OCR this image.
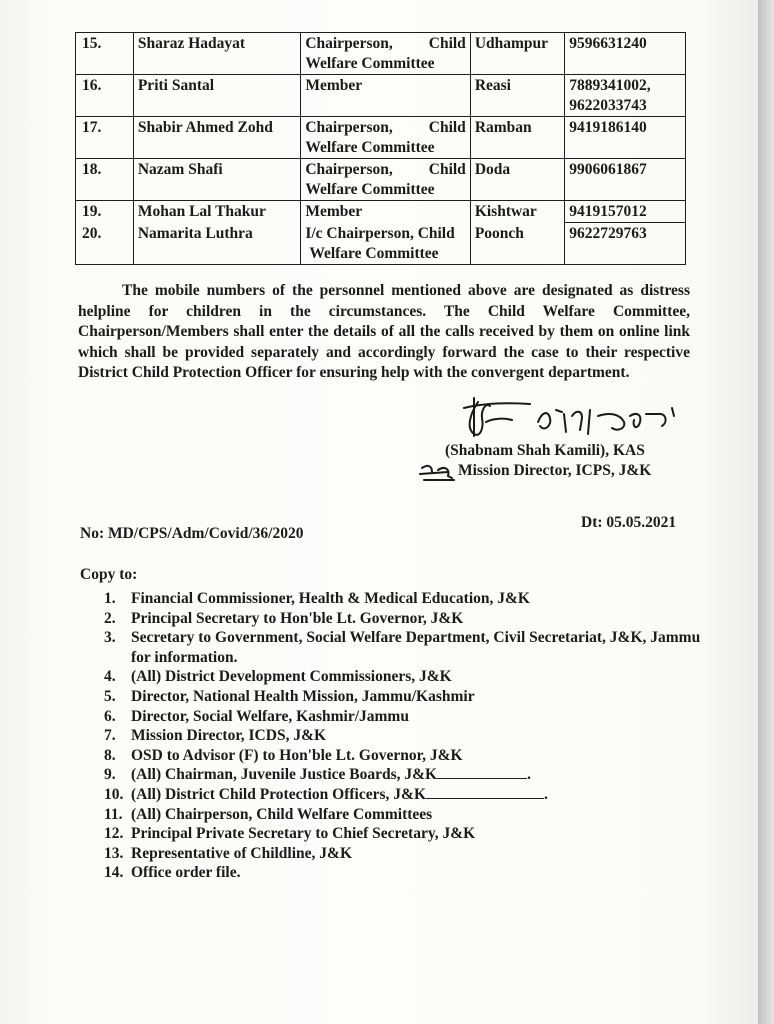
15.	Sharaz Hadayat	Chairperson, Child
Welfare Committee	Udhampur	9596631240
16.	Priti Santal	Member	Reasi	7889341002,
9622033743

17.	Shabir Ahmed Zohd	Chairperson, Child
Welfare Committee	Ramban	9419186140
18.	Nazam Shafi	Chairperson, Child
Welfare Committee	Doda	9906061867
19.	Mohan Lal Thakur	Member	Kishtwar	9419157012
20.	Namarita Luthra	I/c Chairperson, Child
Welfare Committee	Poonch	9622729763

The mobile numbers of the personnel mentioned above are designated as distress helpline for children in the circumstances. The Child Welfare Committee, Chairperson/Members shall enter the details of all the calls received by them on online link which shall be provided separately and accordingly forward the case to their respective District Child Protection Officer for ensuring help with the convergent department.

(Shabnam Shah Kamili), KAS
Mission Director, ICPS, J&K
No: MD/CPS/Adm/Covid/36/2020
Dt: 05.05.2021
Copy to:
1. Financial Commissioner, Health & Medical Education, J&K
2. Principal Secretary to Hon'ble Lt. Governor, J&K
3. Secretary to Government, Social Welfare Department, Civil Secretariat, J&K, Jammu for information.
4. (All) District Development Commissioners, J&K
5. Director, National Health Mission, Jammu/Kashmir
6. Director, Social Welfare, Kashmir/Jammu
7. Mission Director, ICDS, J&K
8. OSD to Advisor (F) to Hon'ble Lt. Governor, J&K
9. (All) Chairman, Juvenile Justice Boards, J&K	.
10. (All) District Child Protection Officers, J&K	.
11. (All) Chairperson, Child Welfare Committees
12. Principal Private Secretary to Chief Secretary, J&K
13. Representative of Childline, J&K
14. Office order file.
